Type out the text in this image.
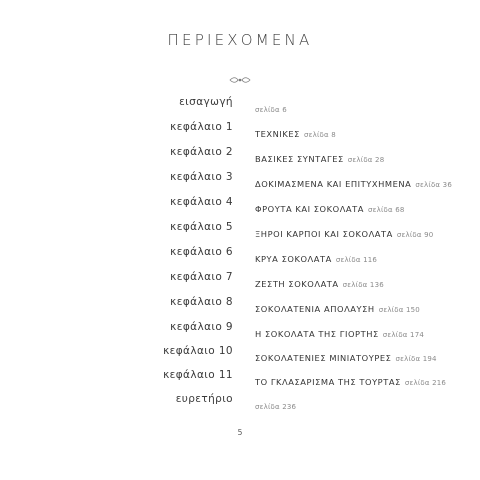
ΠΕΡΙΕΧΟΜΕΝΑ
εισαγωγή
σελίδα 6
κεφάλαιο 1
ΤΕΧΝΙΚΕΣ σελίδα 8
κεφάλαιο 2
ΒΑΣΙΚΕΣ ΣΥΝΤΑΓΕΣ σελίδα 28
κεφάλαιο 3
ΔΟΚΙΜΑΣΜΕΝΑ ΚΑΙ ΕΠΙΤΥΧΗΜΕΝΑ σελίδα 36
κεφάλαιο 4
ΦΡΟΥΤΑ ΚΑΙ ΣΟΚΟΛΑΤΑ σελίδα 68
κεφάλαιο 5
ΞΗΡΟΙ ΚΑΡΠΟΙ ΚΑΙ ΣΟΚΟΛΑΤΑ σελίδα 90
κεφάλαιο 6
ΚΡΥΑ ΣΟΚΟΛΑΤΑ σελίδα 116
κεφάλαιο 7
ΖΕΣΤΗ ΣΟΚΟΛΑΤΑ σελίδα 136
κεφάλαιο 8
ΣΟΚΟΛΑΤΕΝΙΑ ΑΠΟΛΑΥΣΗ σελίδα 150
κεφάλαιο 9
Η ΣΟΚΟΛΑΤΑ ΤΗΣ ΓΙΟΡΤΗΣ σελίδα 174
κεφάλαιο 10
ΣΟΚΟΛΑΤΕΝΙΕΣ ΜΙΝΙΑΤΟΥΡΕΣ σελίδα 194
κεφάλαιο 11
ΤΟ ΓΚΛΑΣΑΡΙΣΜΑ ΤΗΣ ΤΟΥΡΤΑΣ σελίδα 216
ευρετήριο
σελίδα 236
5
